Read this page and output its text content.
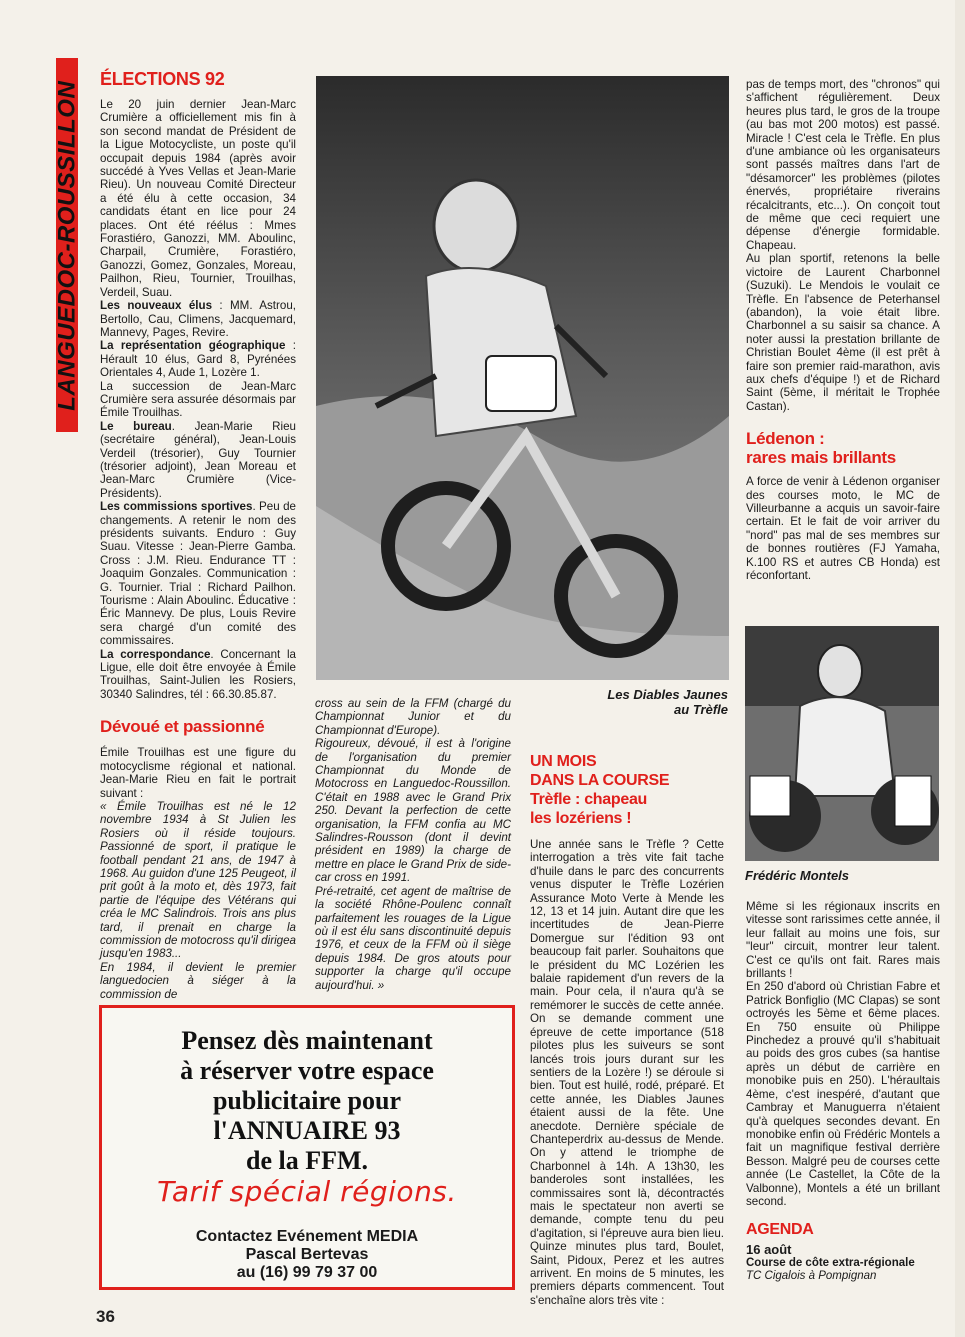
LANGUEDOC-ROUSSILLON
ÉLECTIONS 92

Le 20 juin dernier Jean-Marc Crumière a officiellement mis fin à son second mandat de Président de la Ligue Motocycliste, un poste qu'il occupait depuis 1984 (après avoir succédé à Yves Vellas et Jean-Marie Rieu). Un nouveau Comité Directeur a été élu à cette occasion, 34 candidats étant en lice pour 24 places. Ont été réélus : Mmes Forastiéro, Ganozzi, MM. Aboulinc, Charpail, Crumière, Forastiéro, Ganozzi, Gomez, Gonzales, Moreau, Pailhon, Rieu, Tournier, Trouilhas, Verdeil, Suau.

Les nouveaux élus : MM. Astrou, Bertollo, Cau, Climens, Jacquemard, Mannevy, Pages, Revire.

La représentation géographique : Hérault 10 élus, Gard 8, Pyrénées Orientales 4, Aude 1, Lozère 1.

La succession de Jean-Marc Crumière sera assurée désormais par Émile Trouilhas.

Le bureau. Jean-Marie Rieu (secrétaire général), Jean-Louis Verdeil (trésorier), Guy Tournier (trésorier adjoint), Jean Moreau et Jean-Marc Crumière (Vice-Présidents).

Les commissions sportives. Peu de changements. A retenir le nom des présidents suivants. Enduro : Guy Suau. Vitesse : Jean-Pierre Gamba. Cross : J.M. Rieu. Endurance TT : Joaquim Gonzales. Communication : G. Tournier. Trial : Richard Pailhon. Tourisme : Alain Aboulinc. Éducative : Éric Mannevy. De plus, Louis Revire sera chargé d'un comité des commissaires.

La correspondance. Concernant la Ligue, elle doit être envoyée à Émile Trouilhas, Saint-Julien les Rosiers, 30340 Salindres, tél : 66.30.85.87.

Dévoué et passionné

Émile Trouilhas est une figure du motocyclisme régional et national. Jean-Marie Rieu en fait le portrait suivant :

« Émile Trouilhas est né le 12 novembre 1934 à St Julien les Rosiers où il réside toujours. Passionné de sport, il pratique le football pendant 21 ans, de 1947 à 1968. Au guidon d'une 125 Peugeot, il prit goût à la moto et, dès 1973, fait partie de l'équipe des Vétérans qui créa le MC Salindrois. Trois ans plus tard, il prenait en charge la commission de motocross qu'il dirigea jusqu'en 1983...

En 1984, il devient le premier languedocien à siéger à la commission de

Les Diables Jaunes
au Trèfle

cross au sein de la FFM (chargé du Championnat Junior et du Championnat d'Europe).

Rigoureux, dévoué, il est à l'origine de l'organisation du premier Championnat du Monde de Motocross en Languedoc-Roussillon. C'était en 1988 avec le Grand Prix 250. Devant la perfection de cette organisation, la FFM confia au MC Salindres-Rousson (dont il devint président en 1989) la charge de mettre en place le Grand Prix de side-car cross en 1991.

Pré-retraité, cet agent de maîtrise de la société Rhône-Poulenc connaît parfaitement les rouages de la Ligue où il est élu sans discontinuité depuis 1976, et ceux de la FFM où il siège depuis 1984. De gros atouts pour supporter la charge qu'il occupe aujourd'hui. »

UN MOIS
DANS LA COURSE
Trèfle : chapeau
les lozériens !

Une année sans le Trèfle ? Cette interrogation a très vite fait tache d'huile dans le parc des concurrents venus disputer le Trèfle Lozérien Assurance Moto Verte à Mende les 12, 13 et 14 juin. Autant dire que les incertitudes de Jean-Pierre Domergue sur l'édition 93 ont beaucoup fait parler. Souhaitons que le président du MC Lozérien les balaie rapidement d'un revers de la main. Pour cela, il n'aura qu'à se remémorer le succès de cette année. On se demande comment une épreuve de cette importance (518 pilotes plus les suiveurs se sont lancés trois jours durant sur les sentiers de la Lozère !) se déroule si bien. Tout est huilé, rodé, préparé. Et cette année, les Diables Jaunes étaient aussi de la fête. Une anecdote. Dernière spéciale de Chanteperdrix au-dessus de Mende. On y attend le triomphe de Charbonnel à 14h. A 13h30, les banderoles sont installées, les commissaires sont là, décontractés mais le spectateur non averti se demande, compte tenu du peu d'agitation, si l'épreuve aura bien lieu. Quinze minutes plus tard, Boulet, Saint, Pidoux, Perez et les autres arrivent. En moins de 5 minutes, les premiers départs commencent. Tout s'enchaîne alors très vite :

pas de temps mort, des "chronos" qui s'affichent régulièrement. Deux heures plus tard, le gros de la troupe (au bas mot 200 motos) est passé. Miracle ! C'est cela le Trèfle. En plus d'une ambiance où les organisateurs sont passés maîtres dans l'art de "désamorcer" les problèmes (pilotes énervés, propriétaire riverains récalcitrants, etc...). On conçoit tout de même que ceci requiert une dépense d'énergie formidable. Chapeau.

Au plan sportif, retenons la belle victoire de Laurent Charbonnel (Suzuki). Le Mendois le voulait ce Trèfle. En l'absence de Peterhansel (abandon), la voie était libre. Charbonnel a su saisir sa chance. A noter aussi la prestation brillante de Christian Boulet 4ème (il est prêt à faire son premier raid-marathon, avis aux chefs d'équipe !) et de Richard Saint (5ème, il méritait le Trophée Castan).

Lédenon :
rares mais brillants

A force de venir à Lédenon organiser des courses moto, le MC de Villeurbanne a acquis un savoir-faire certain. Et le fait de voir arriver du "nord" pas mal de ses membres sur de bonnes routières (FJ Yamaha, K.100 RS et autres CB Honda) est réconfortant.

Frédéric Montels

Même si les régionaux inscrits en vitesse sont rarissimes cette année, il leur fallait au moins une fois, sur "leur" circuit, montrer leur talent. C'est ce qu'ils ont fait. Rares mais brillants !

En 250 d'abord où Christian Fabre et Patrick Bonfiglio (MC Clapas) se sont octroyés les 5ème et 6ème places. En 750 ensuite où Philippe Pinchedez a prouvé qu'il s'habituait au poids des gros cubes (sa hantise après un début de carrière en monobike puis en 250). L'héraultais 4ème, c'est inespéré, d'autant que Cambray et Manuguerra n'étaient qu'à quelques secondes devant. En monobike enfin où Frédéric Montels a fait un magnifique festival derrière Besson. Malgré peu de courses cette année (Le Castellet, la Côte de la Valbonne), Montels a été un brillant second.

AGENDA
16 août
Course de côte extra-régionale
TC Cigalois à Pompignan
Pensez dès maintenant
à réserver votre espace
publicitaire pour
l'ANNUAIRE 93
de la FFM.
Tarif spécial régions.
Contactez Evénement MEDIA
Pascal Bertevas
au (16) 99 79 37 00
36
